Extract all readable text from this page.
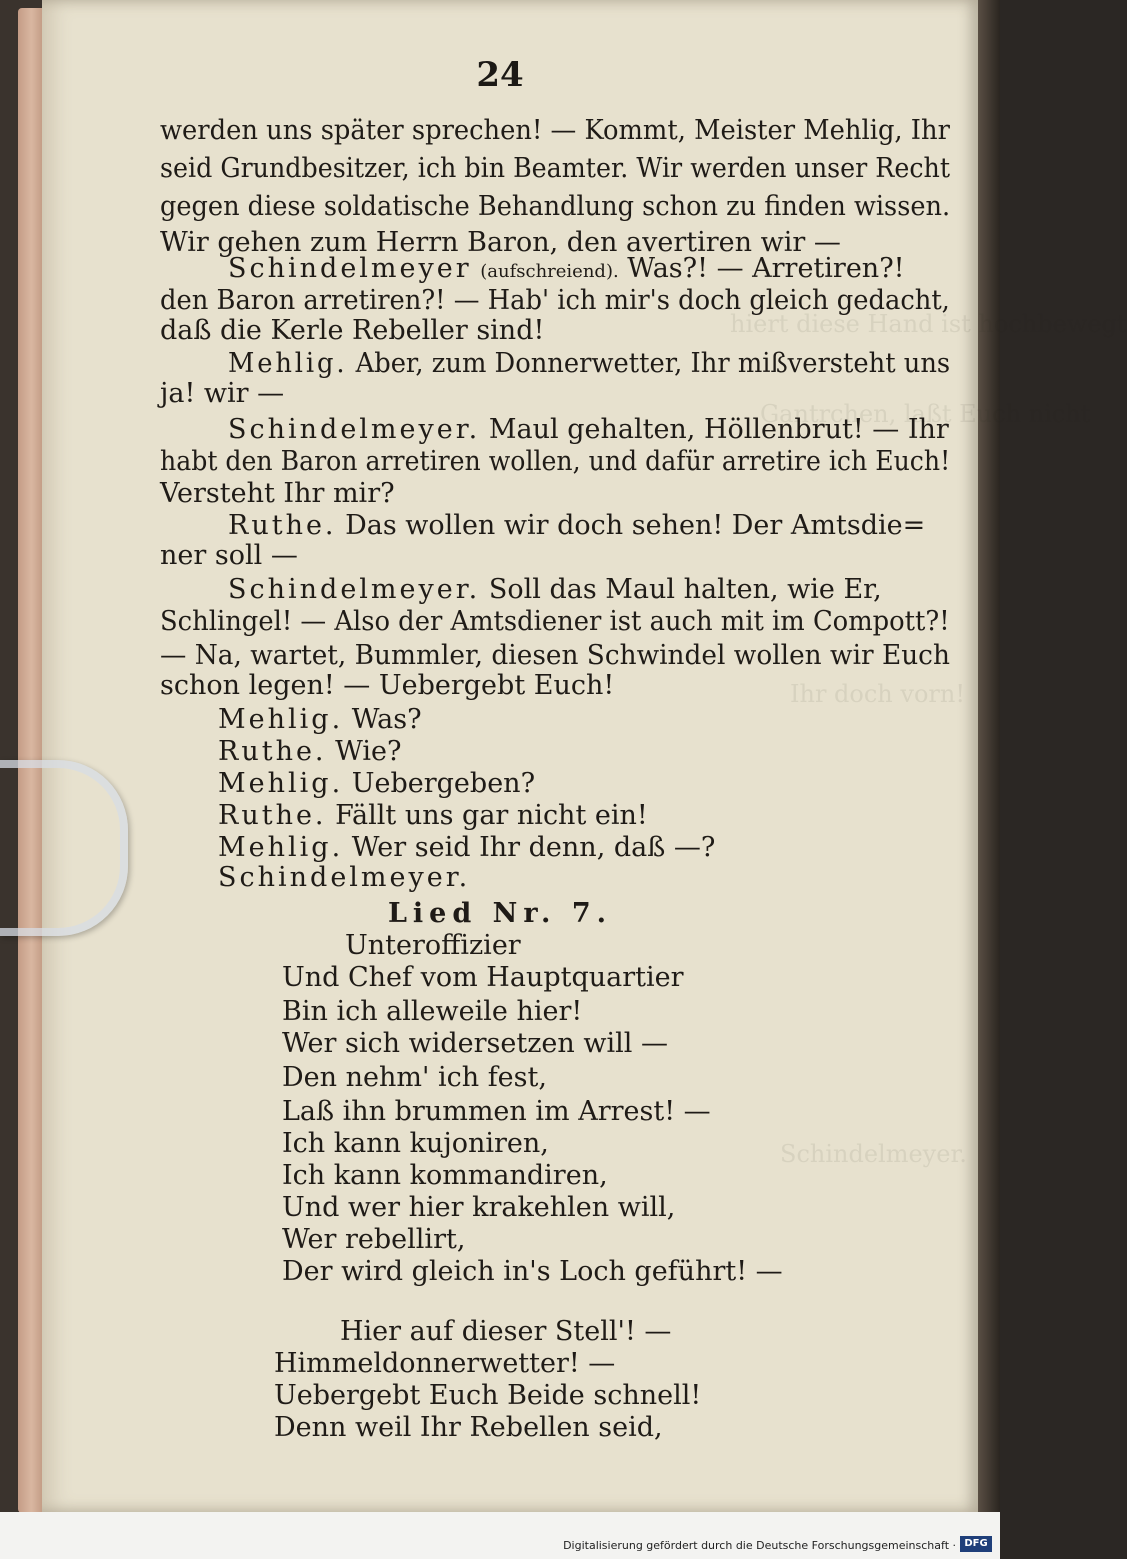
hiert diese Hand ist hochbewegt
Gantrchen, laßt Euch nicht
Ihr doch vorn!
Schindelmeyer.
24
werden uns später sprechen! — Kommt, Meister Mehlig, Ihr
seid Grundbesitzer, ich bin Beamter. Wir werden unser Recht
gegen diese soldatische Behandlung schon zu finden wissen.
Wir gehen zum Herrn Baron, den avertiren wir —
Schindelmeyer (aufschreiend). Was?! — Arretiren?!
den Baron arretiren?! — Hab' ich mir's doch gleich gedacht,
daß die Kerle Rebeller sind!
Mehlig. Aber, zum Donnerwetter, Ihr mißversteht uns
ja! wir —
Schindelmeyer. Maul gehalten, Höllenbrut! — Ihr
habt den Baron arretiren wollen, und dafür arretire ich Euch!
Versteht Ihr mir?
Ruthe. Das wollen wir doch sehen! Der Amtsdie=
ner soll —
Schindelmeyer. Soll das Maul halten, wie Er,
Schlingel! — Also der Amtsdiener ist auch mit im Compott?!
— Na, wartet, Bummler, diesen Schwindel wollen wir Euch
schon legen! — Uebergebt Euch!
Mehlig. Was?
Ruthe. Wie?
Mehlig. Uebergeben?
Ruthe. Fällt uns gar nicht ein!
Mehlig. Wer seid Ihr denn, daß —?
Schindelmeyer.
Lied Nr. 7.
Unteroffizier
Und Chef vom Hauptquartier
Bin ich alleweile hier!
Wer sich widersetzen will —
Den nehm' ich fest,
Laß ihn brummen im Arrest! —
Ich kann kujoniren,
Ich kann kommandiren,
Und wer hier krakehlen will,
Wer rebellirt,
Der wird gleich in's Loch geführt! —
Hier auf dieser Stell'! —
Himmeldonnerwetter! —
Uebergebt Euch Beide schnell!
Denn weil Ihr Rebellen seid,
Digitalisierung gefördert durch die Deutsche Forschungsgemeinschaft · DFG
